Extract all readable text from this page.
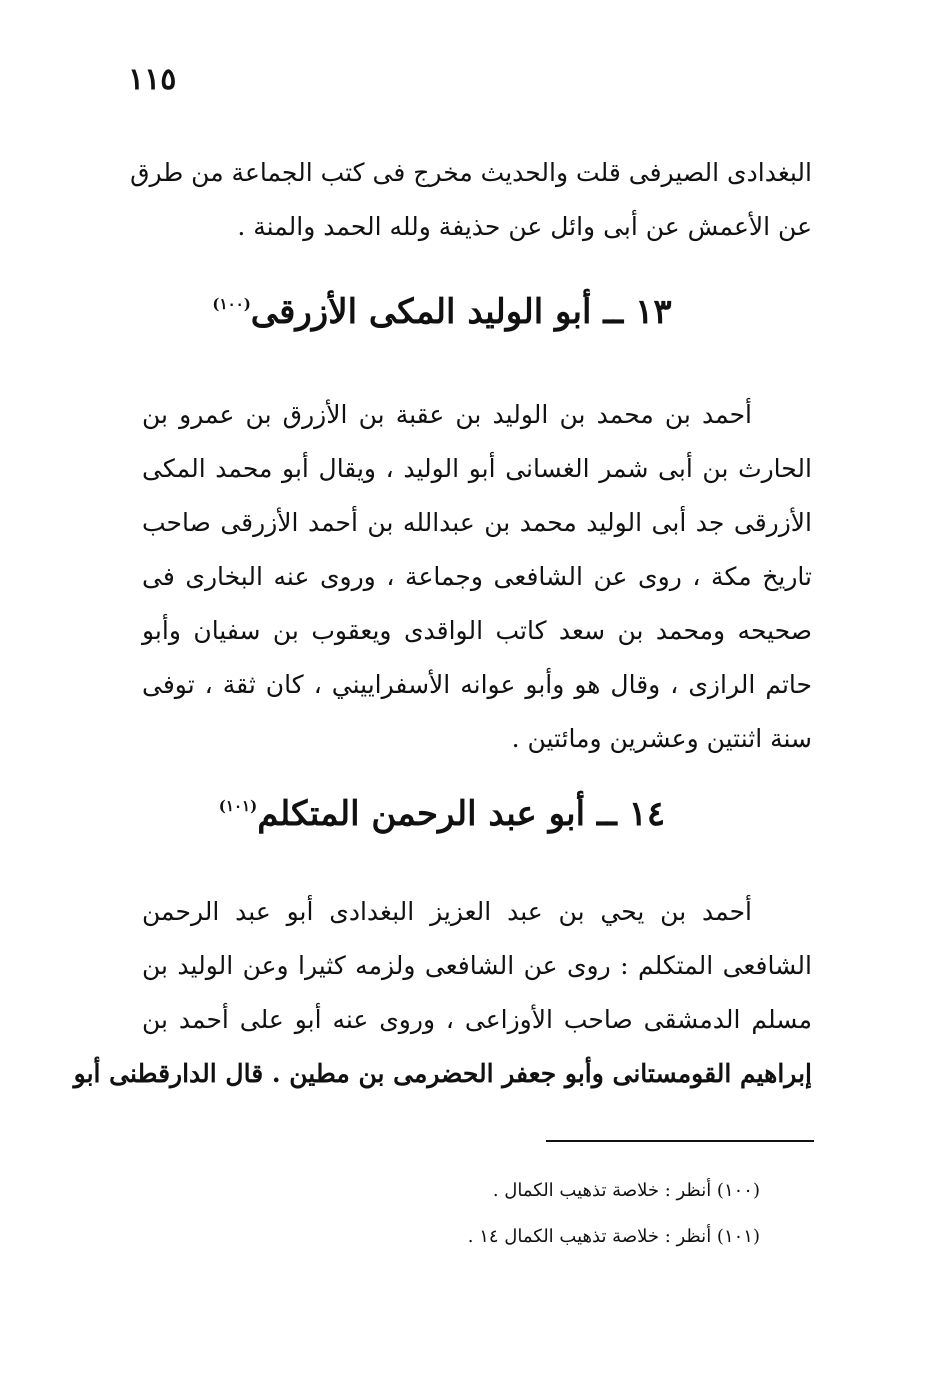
١١٥
البغدادى الصيرفى قلت والحديث مخرج فى كتب الجماعة من طرق
عن الأعمش عن أبى وائل عن حذيفة ولله الحمد والمنة .
١٣ ــ أبو الوليد المكى الأزرقى$^{(١٠٠)}$
أحمد بن محمد بن الوليد بن عقبة بن الأزرق بن عمرو بن
الحارث بن أبى شمر الغسانى أبو الوليد ، ويقال أبو محمد المكى
الأزرقى جد أبى الوليد محمد بن عبدالله بن أحمد الأزرقى صاحب
تاريخ مكة ، روى عن الشافعى وجماعة ، وروى عنه البخارى فى
صحيحه ومحمد بن سعد كاتب الواقدى ويعقوب بن سفيان وأبو
حاتم الرازى ، وقال هو وأبو عوانه الأسفراييني ، كان ثقة ، توفى
سنة اثنتين وعشرين ومائتين .
١٤ ــ أبو عبد الرحمن المتكلم$^{(١٠١)}$
أحمد بن يحي بن عبد العزيز البغدادى أبو عبد الرحمن
الشافعى المتكلم : روى عن الشافعى ولزمه كثيرا وعن الوليد بن
مسلم الدمشقى صاحب الأوزاعى ، وروى عنه أبو على أحمد بن
إبراهيم القومستانى وأبو جعفر الحضرمى بن مطين . قال الدارقطنى أبو
(١٠٠) أنظر : خلاصة تذهيب الكمال .
(١٠١) أنظر : خلاصة تذهيب الكمال ١٤ .
